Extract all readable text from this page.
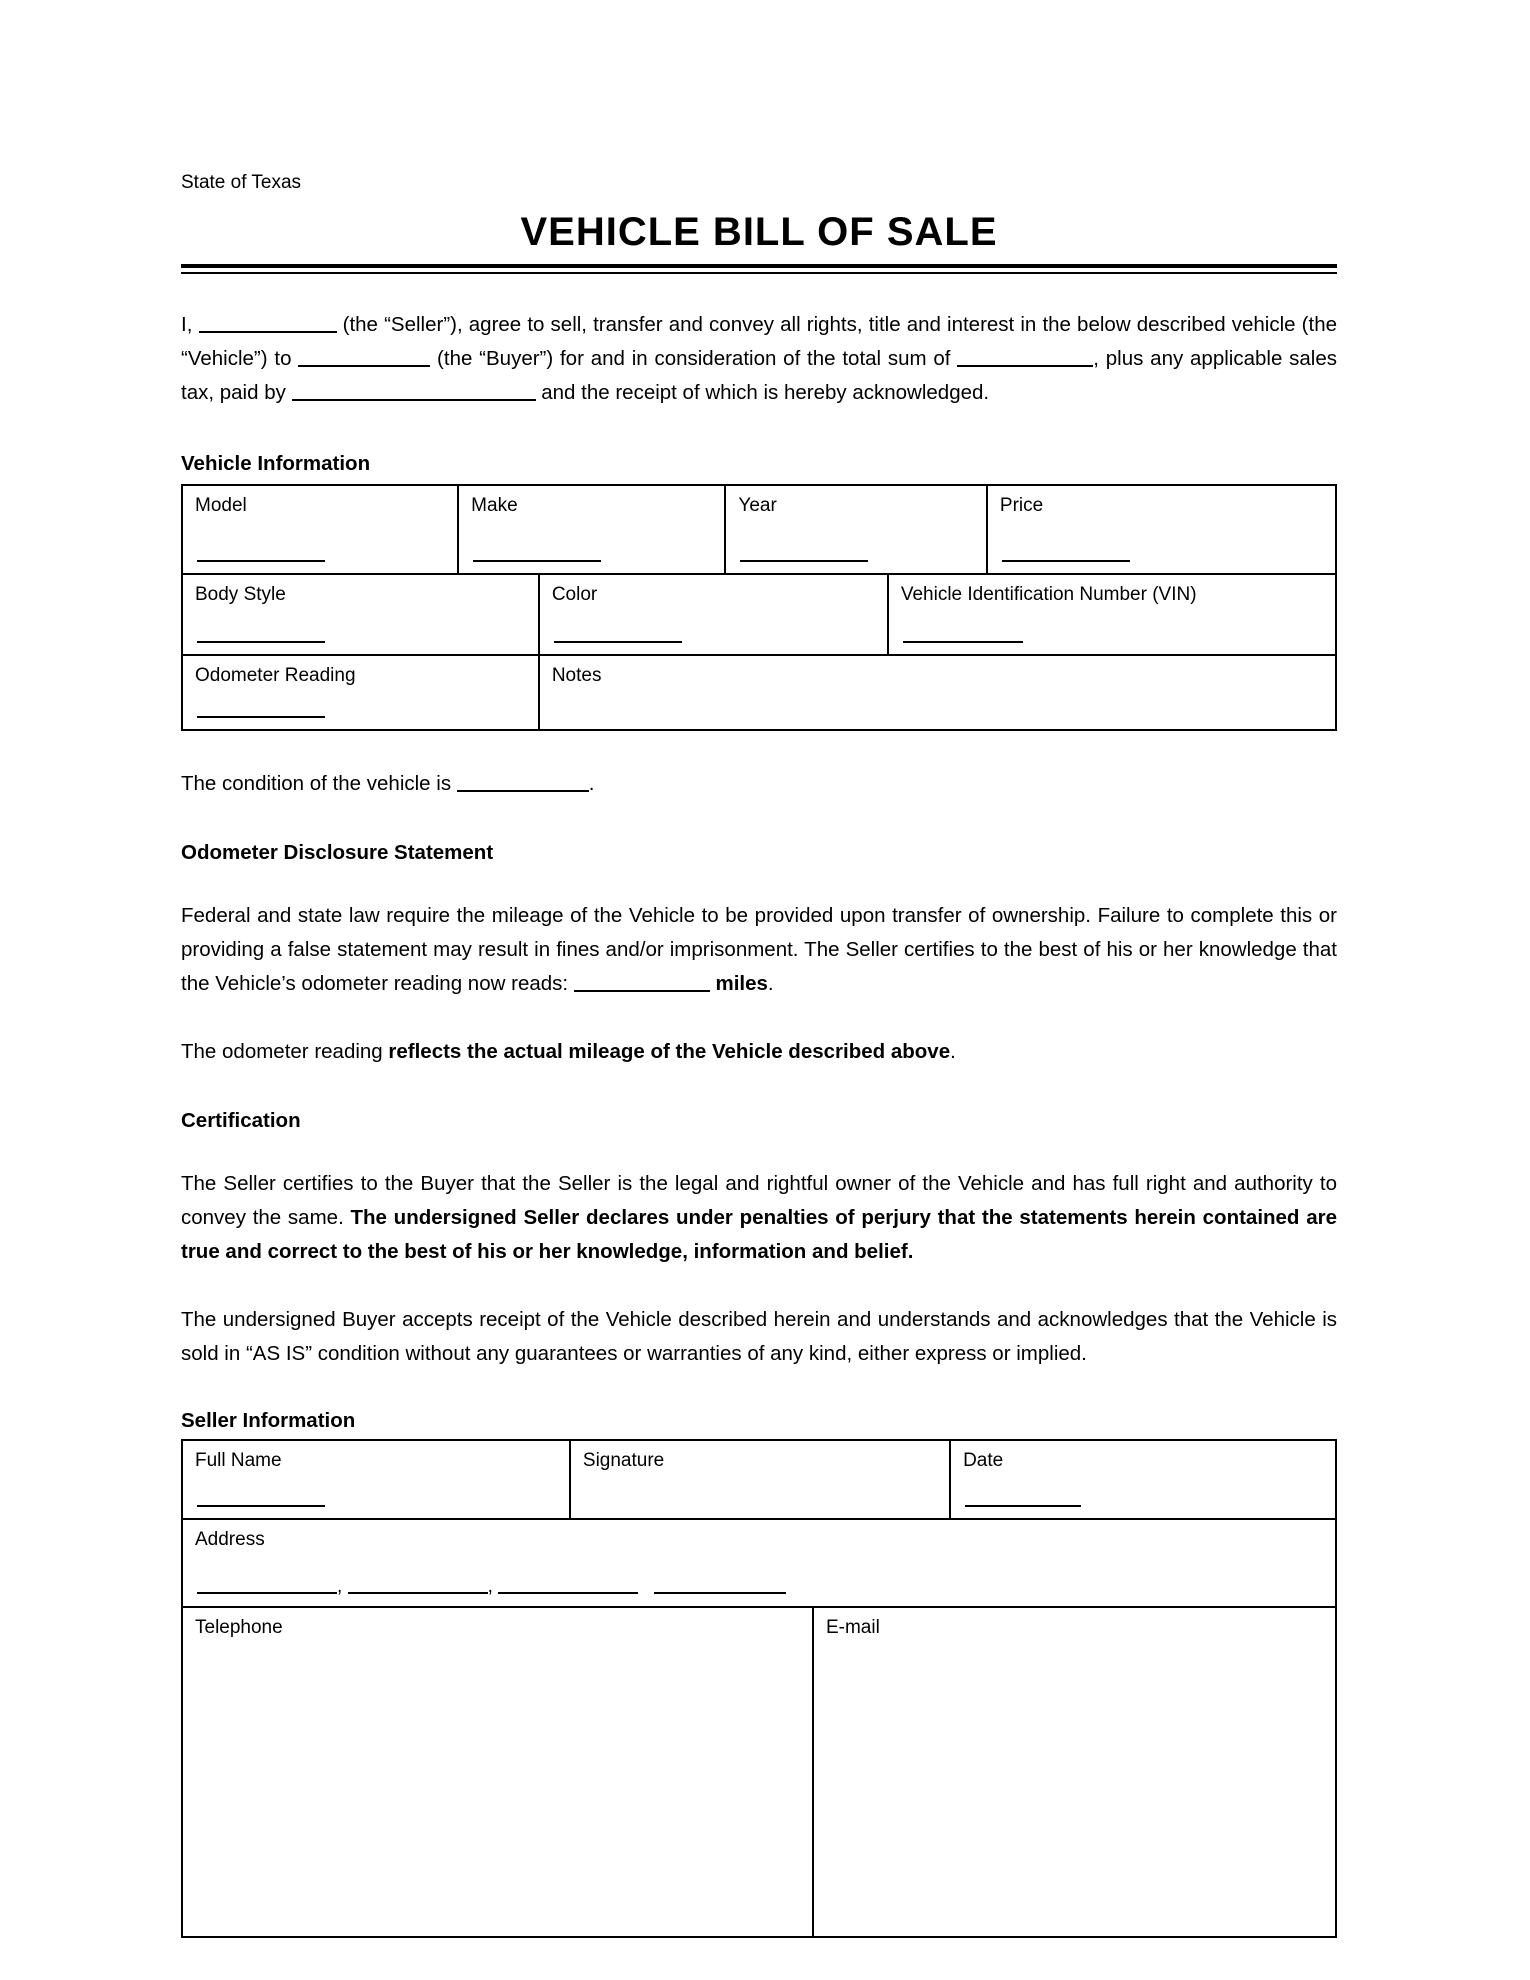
State of Texas
VEHICLE BILL OF SALE

I,	(the “Seller”), agree to sell, transfer and convey all rights, title and interest in the below described vehicle (the “Vehicle”) to	(the “Buyer”) for and in consideration of the total sum of	, plus any applicable sales tax, paid by	and the receipt of which is hereby acknowledged.

Vehicle Information
Model	Make	Year	Price
Body Style	Color	Vehicle Identification Number (VIN)
Odometer Reading	Notes

The condition of the vehicle is	.

Odometer Disclosure Statement

Federal and state law require the mileage of the Vehicle to be provided upon transfer of ownership. Failure to complete this or providing a false statement may result in fines and/or imprisonment. The Seller certifies to the best of his or her knowledge that the Vehicle’s odometer reading now reads:	miles.

The odometer reading reflects the actual mileage of the Vehicle described above.

Certification

The Seller certifies to the Buyer that the Seller is the legal and rightful owner of the Vehicle and has full right and authority to convey the same. The undersigned Seller declares under penalties of perjury that the statements herein contained are true and correct to the best of his or her knowledge, information and belief.

The undersigned Buyer accepts receipt of the Vehicle described herein and understands and acknowledges that the Vehicle is sold in “AS IS” condition without any guarantees or warranties of any kind, either express or implied.

Seller Information
Full Name	Signature	Date
Address
,	,
Telephone	E-mail
